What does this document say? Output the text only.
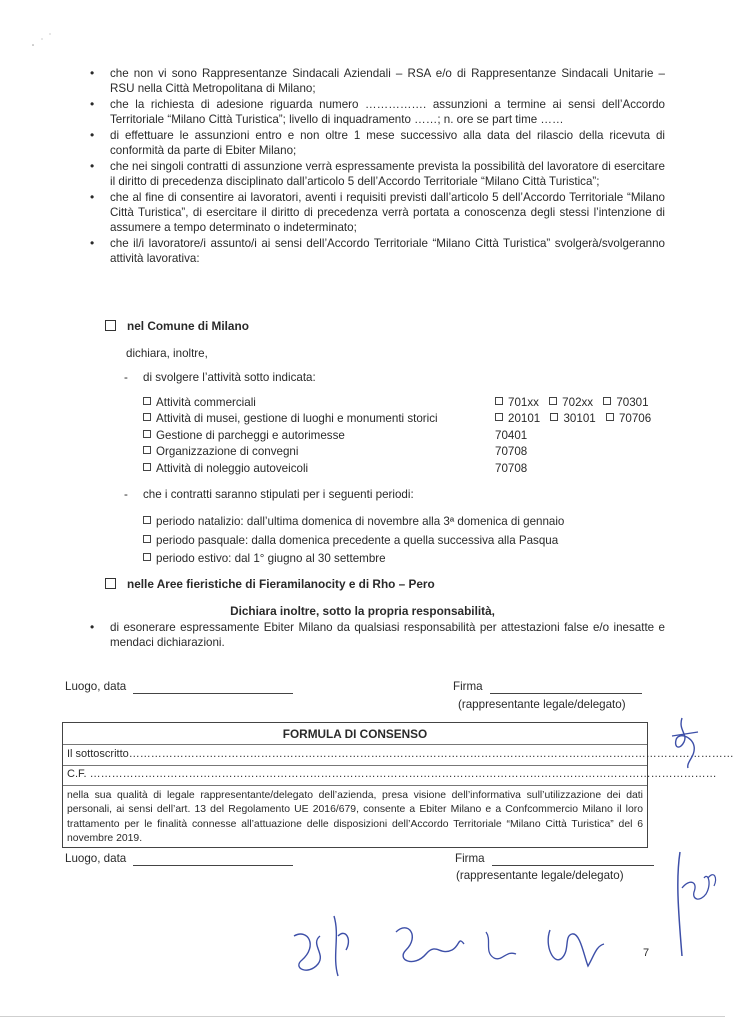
• che non vi sono Rappresentanze Sindacali Aziendali – RSA e/o di Rappresentanze Sindacali Unitarie – RSU nella Città Metropolitana di Milano;
• che la richiesta di adesione riguarda numero ……………. assunzioni a termine ai sensi dell’Accordo Territoriale “Milano Città Turistica”; livello di inquadramento ……; n. ore se part time ……
• di effettuare le assunzioni entro e non oltre 1 mese successivo alla data del rilascio della ricevuta di conformità da parte di Ebiter Milano;
• che nei singoli contratti di assunzione verrà espressamente prevista la possibilità del lavoratore di esercitare il diritto di precedenza disciplinato dall’articolo 5 dell’Accordo Territoriale “Milano Città Turistica”;
• che al fine di consentire ai lavoratori, aventi i requisiti previsti dall’articolo 5 dell’Accordo Territoriale “Milano Città Turistica”, di esercitare il diritto di precedenza verrà portata a conoscenza degli stessi l’intenzione di assumere a tempo determinato o indeterminato;
• che il/i lavoratore/i assunto/i ai sensi dell’Accordo Territoriale “Milano Città Turistica” svolgerà/svolgeranno attività lavorativa:
nel Comune di Milano
dichiara, inoltre,
- di svolgere l’attività sotto indicata:
Attività commerciali	701xx 702xx 70301
Attività di musei, gestione di luoghi e monumenti storici	20101 30101 70706
Gestione di parcheggi e autorimesse	70401
Organizzazione di convegni	70708
Attività di noleggio autoveicoli	70708
- che i contratti saranno stipulati per i seguenti periodi:
periodo natalizio: dall’ultima domenica di novembre alla 3ª domenica di gennaio
periodo pasquale: dalla domenica precedente a quella successiva alla Pasqua
periodo estivo: dal 1° giugno al 30 settembre
nelle Aree fieristiche di Fieramilanocity e di Rho – Pero
Dichiara inoltre, sotto la propria responsabilità,
• di esonerare espressamente Ebiter Milano da qualsiasi responsabilità per attestazioni false e/o inesatte e mendaci dichiarazioni.
Luogo, data	Firma
(rappresentante legale/delegato)
FORMULA DI CONSENSO
Il sottoscritto…………………………………………………………………………………………………………………………………………………
C.F. ………………………………………………………………………………………………………………………………………………………
nella sua qualità di legale rappresentante/delegato dell’azienda, presa visione dell’informativa sull’utilizzazione dei dati personali, ai sensi dell’art. 13 del Regolamento UE 2016/679, consente a Ebiter Milano e a Confcommercio Milano il loro trattamento per le finalità connesse all’attuazione delle disposizioni dell’Accordo Territoriale “Milano Città Turistica” del 6 novembre 2019.
Luogo, data	Firma
(rappresentante legale/delegato)
7
